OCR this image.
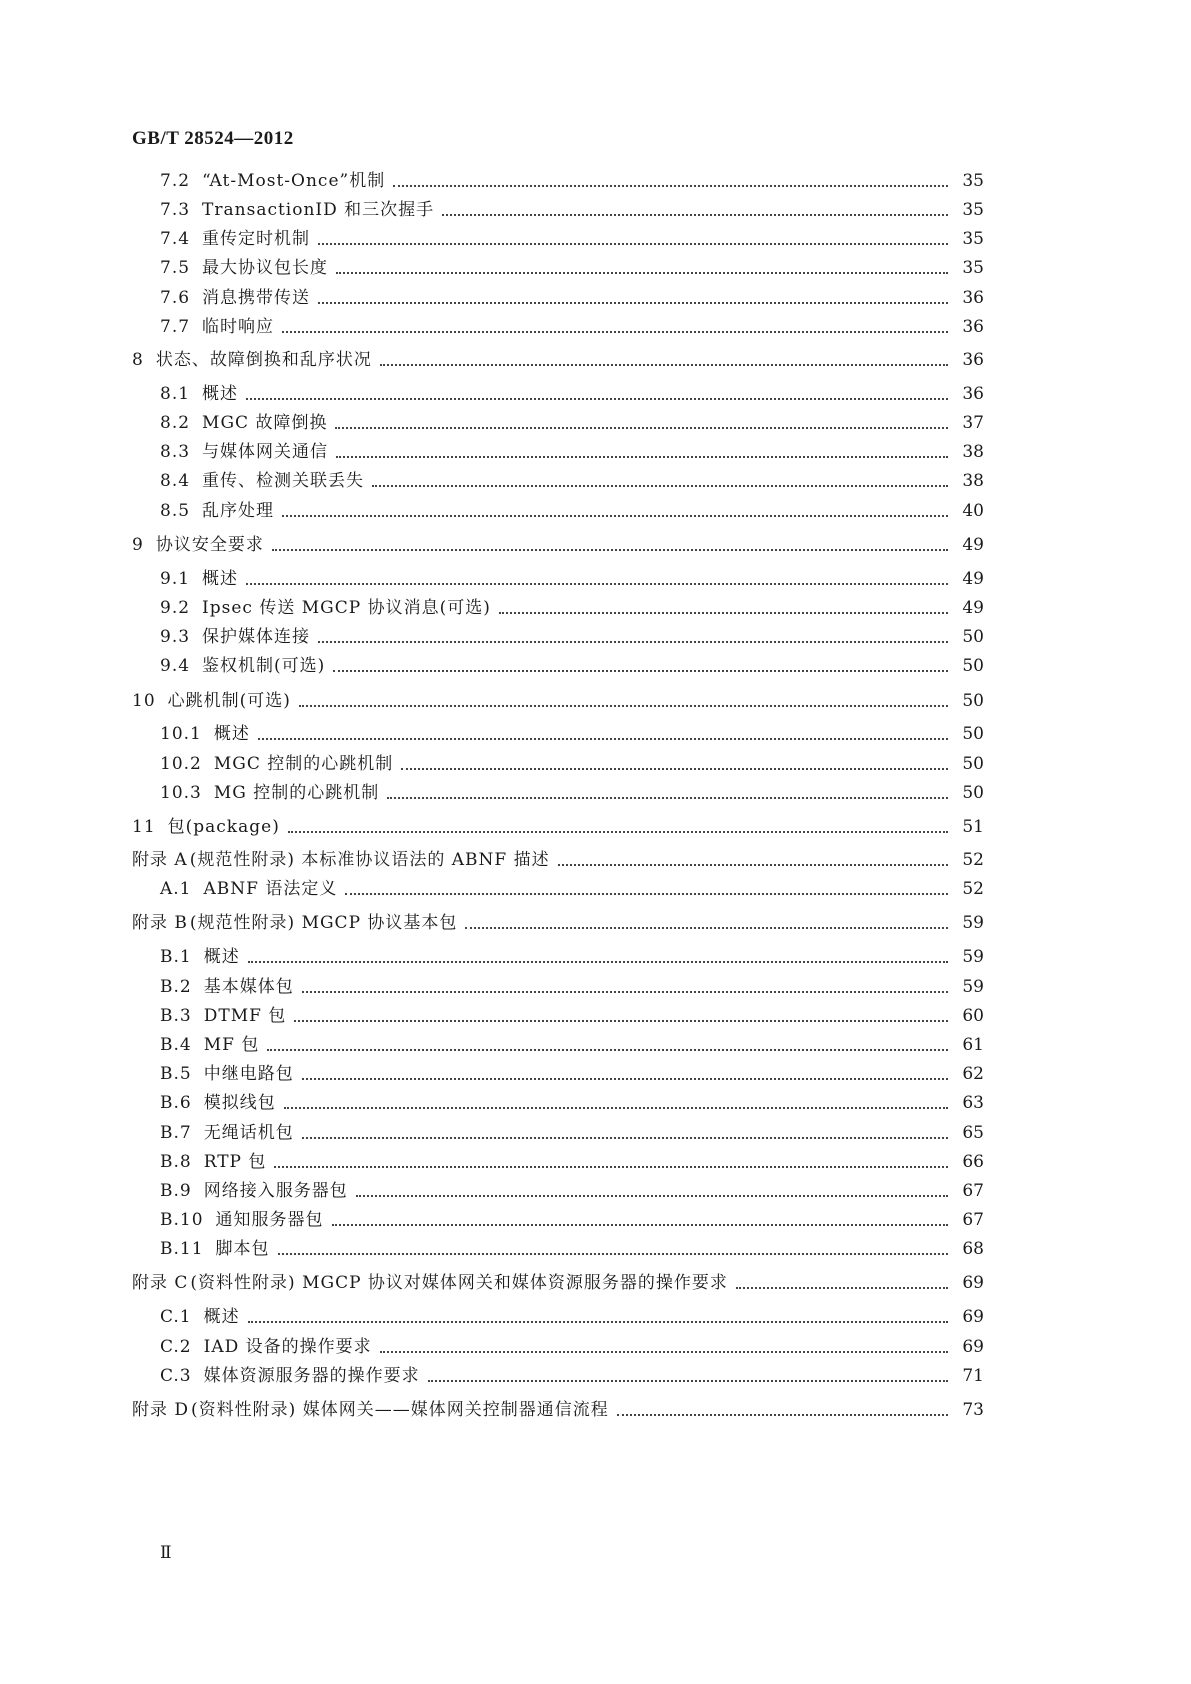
GB/T 28524—2012
7.2 “At-Most-Once”机制	35
7.3 TransactionID 和三次握手	35
7.4 重传定时机制	35
7.5 最大协议包长度	35
7.6 消息携带传送	36
7.7 临时响应	36
8 状态、故障倒换和乱序状况	36
8.1 概述	36
8.2 MGC 故障倒换	37
8.3 与媒体网关通信	38
8.4 重传、检测关联丢失	38
8.5 乱序处理	40
9 协议安全要求	49
9.1 概述	49
9.2 Ipsec 传送 MGCP 协议消息(可选)	49
9.3 保护媒体连接	50
9.4 鉴权机制(可选)	50
10 心跳机制(可选)	50
10.1 概述	50
10.2 MGC 控制的心跳机制	50
10.3 MG 控制的心跳机制	50
11 包(package)	51
附录 A (规范性附录) 本标准协议语法的 ABNF 描述	52
A.1 ABNF 语法定义	52
附录 B (规范性附录) MGCP 协议基本包	59
B.1 概述	59
B.2 基本媒体包	59
B.3 DTMF 包	60
B.4 MF 包	61
B.5 中继电路包	62
B.6 模拟线包	63
B.7 无绳话机包	65
B.8 RTP 包	66
B.9 网络接入服务器包	67
B.10 通知服务器包	67
B.11 脚本包	68
附录 C (资料性附录) MGCP 协议对媒体网关和媒体资源服务器的操作要求	69
C.1 概述	69
C.2 IAD 设备的操作要求	69
C.3 媒体资源服务器的操作要求	71
附录 D (资料性附录) 媒体网关——媒体网关控制器通信流程	73
Ⅱ
